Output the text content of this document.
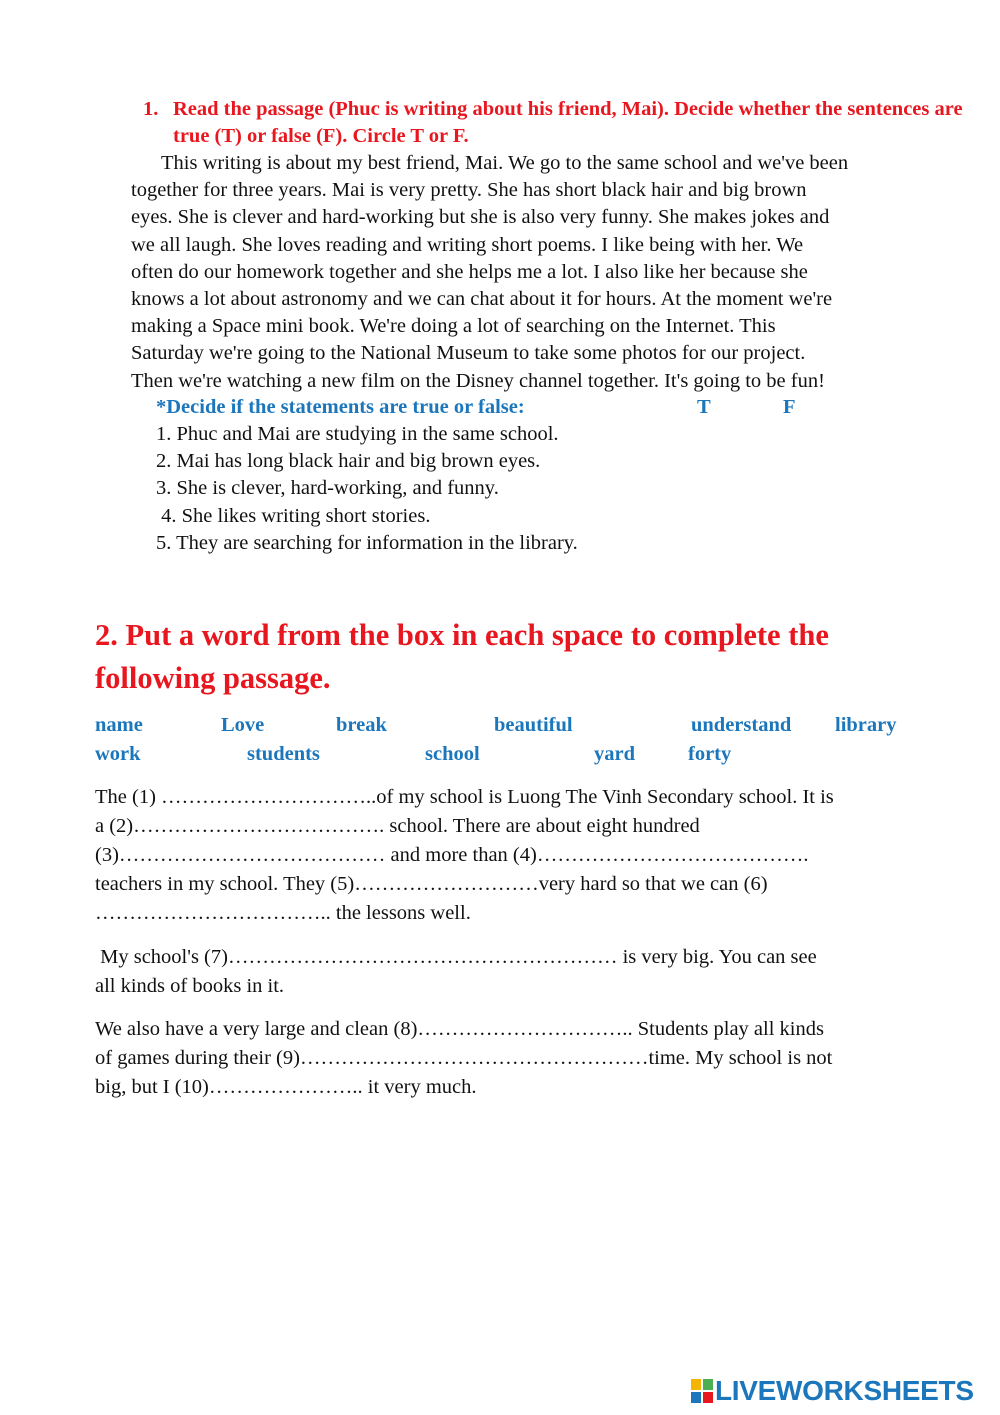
1. Read the passage (Phuc is writing about his friend, Mai). Decide whether the sentences are true (T) or false (F). Circle T or F.
This writing is about my best friend, Mai. We go to the same school and we've been
together for three years. Mai is very pretty. She has short black hair and big brown
eyes. She is clever and hard-working but she is also very funny. She makes jokes and
we all laugh. She loves reading and writing short poems. I like being with her. We
often do our homework together and she helps me a lot. I also like her because she
knows a lot about astronomy and we can chat about it for hours. At the moment we're
making a Space mini book. We're doing a lot of searching on the Internet. This
Saturday we're going to the National Museum to take some photos for our project.
Then we're watching a new film on the Disney channel together. It's going to be fun!
*Decide if the statements are true or false:	T	F
1. Phuc and Mai are studying in the same school.
2. Mai has long black hair and big brown eyes.
3. She is clever, hard-working, and funny.
4. She likes writing short stories.
5. They are searching for information in the library.
2. Put a word from the box in each space to complete the
following passage.
name	Love	break	beautiful	understand library
work	students	school	yard	forty
The (1) …………………………..of my school is Luong The Vinh Secondary school. It is
a (2)………………………………. school. There are about eight hundred
(3)………………………………… and more than (4)………………………………….
teachers in my school. They (5)………………………very hard so that we can (6)
…………………………….. the lessons well.
My school's (7)………………………………………………… is very big. You can see
all kinds of books in it.
We also have a very large and clean (8)………………………….. Students play all kinds
of games during their (9)……………………………………………time. My school is not
big, but I (10)………………….. it very much.
LIVEWORKSHEETS
